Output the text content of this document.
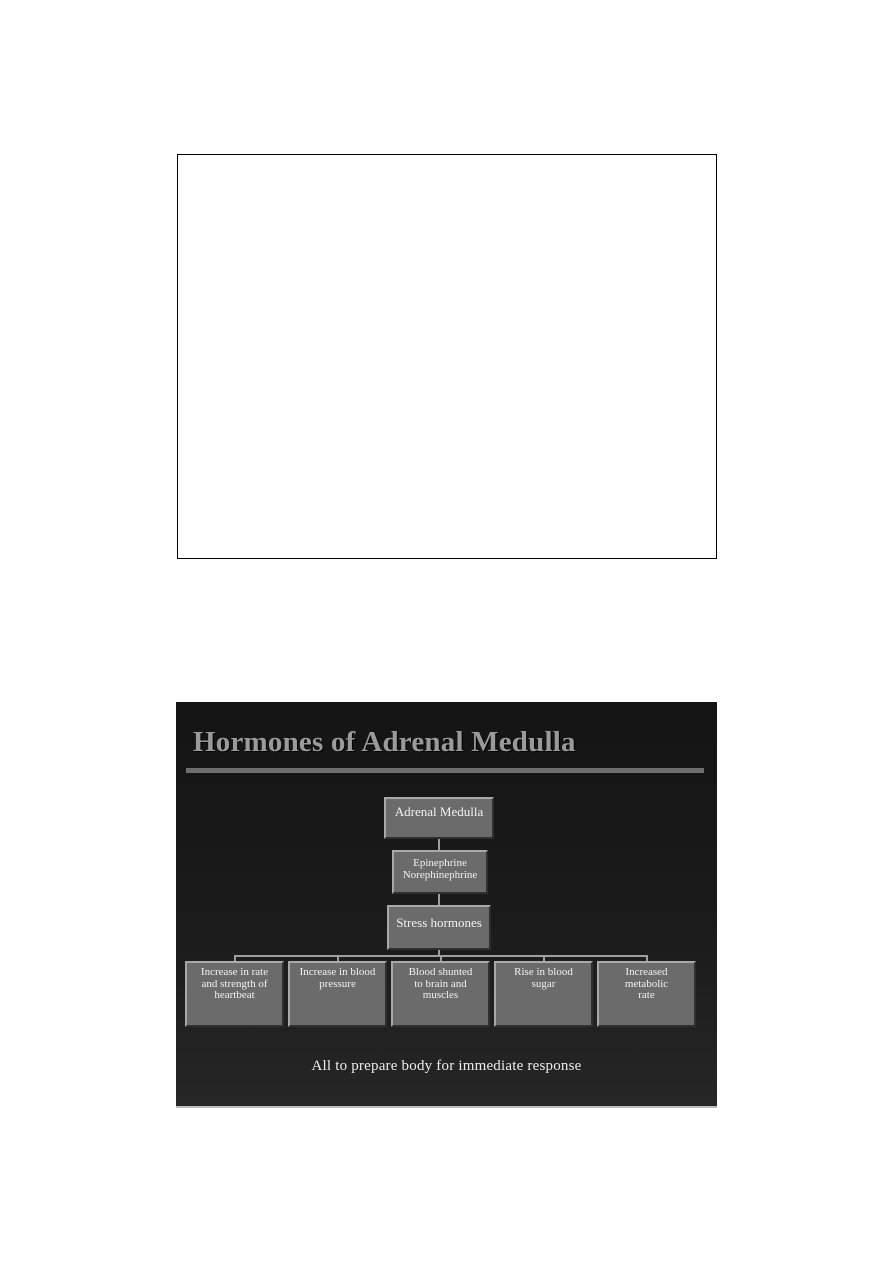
Hormones of Adrenal Medulla
Adrenal Medulla
Epinephrine
Norephinephrine
Stress hormones
Increase in rate
and strength of
heartbeat
Increase in blood
pressure
Blood shunted
to brain and
muscles
Rise in blood
sugar
Increased
metabolic
rate
All to prepare body for immediate response
